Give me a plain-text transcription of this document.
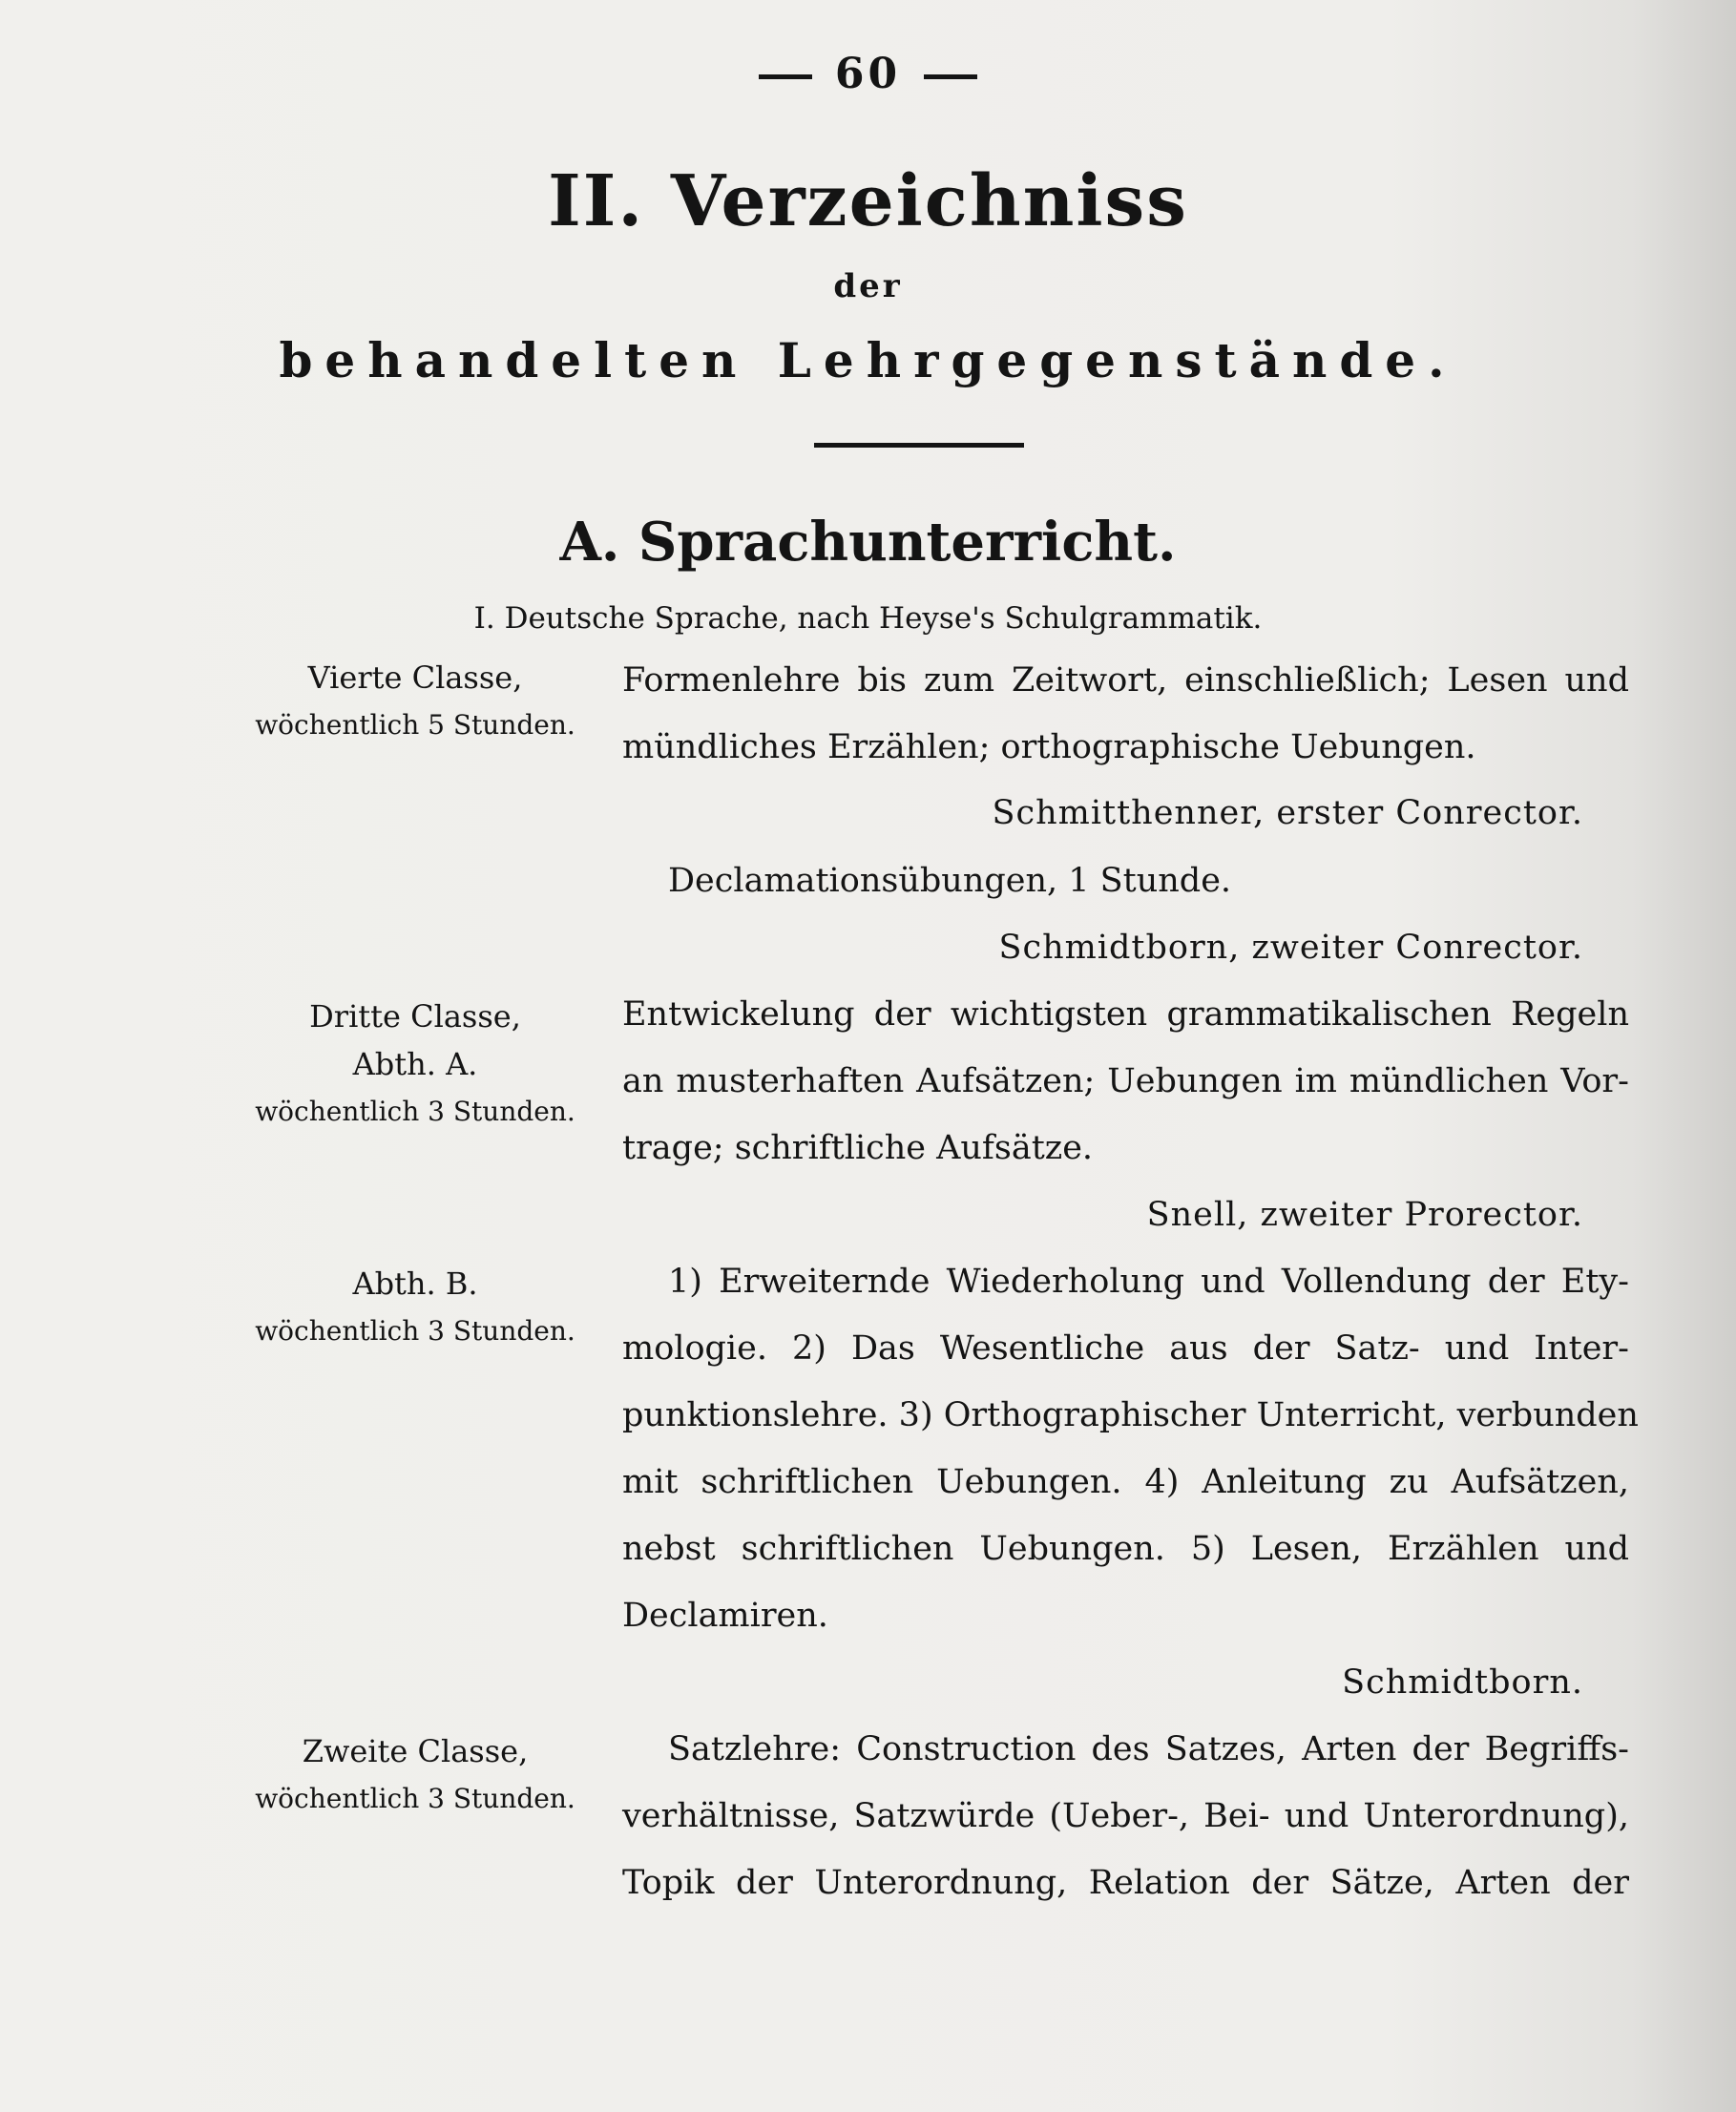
60
II. Verzeichniss
der
behandelten Lehrgegenstände.
A. Sprachunterricht.
I. Deutsche Sprache, nach Heyse's Schulgrammatik.
Vierte Classe,
wöchentlich 5 Stunden.
Formenlehre bis zum Zeitwort, einschließlich; Lesen und
mündliches Erzählen; orthographische Uebungen.
Schmitthenner, erster Conrector.
Declamationsübungen, 1 Stunde.
Schmidtborn, zweiter Conrector.
Dritte Classe,
Abth. A.
wöchentlich 3 Stunden.
Entwickelung der wichtigsten grammatikalischen Regeln
an musterhaften Aufsätzen; Uebungen im mündlichen Vor-
trage; schriftliche Aufsätze.
Snell, zweiter Prorector.
Abth. B.
wöchentlich 3 Stunden.
1) Erweiternde Wiederholung und Vollendung der Ety-
mologie. 2) Das Wesentliche aus der Satz- und Inter-
punktionslehre. 3) Orthographischer Unterricht, verbunden
mit schriftlichen Uebungen. 4) Anleitung zu Aufsätzen,
nebst schriftlichen Uebungen. 5) Lesen, Erzählen und
Declamiren.
Schmidtborn.
Zweite Classe,
wöchentlich 3 Stunden.
Satzlehre: Construction des Satzes, Arten der Begriffs-
verhältnisse, Satzwürde (Ueber-, Bei- und Unterordnung),
Topik der Unterordnung, Relation der Sätze, Arten der
